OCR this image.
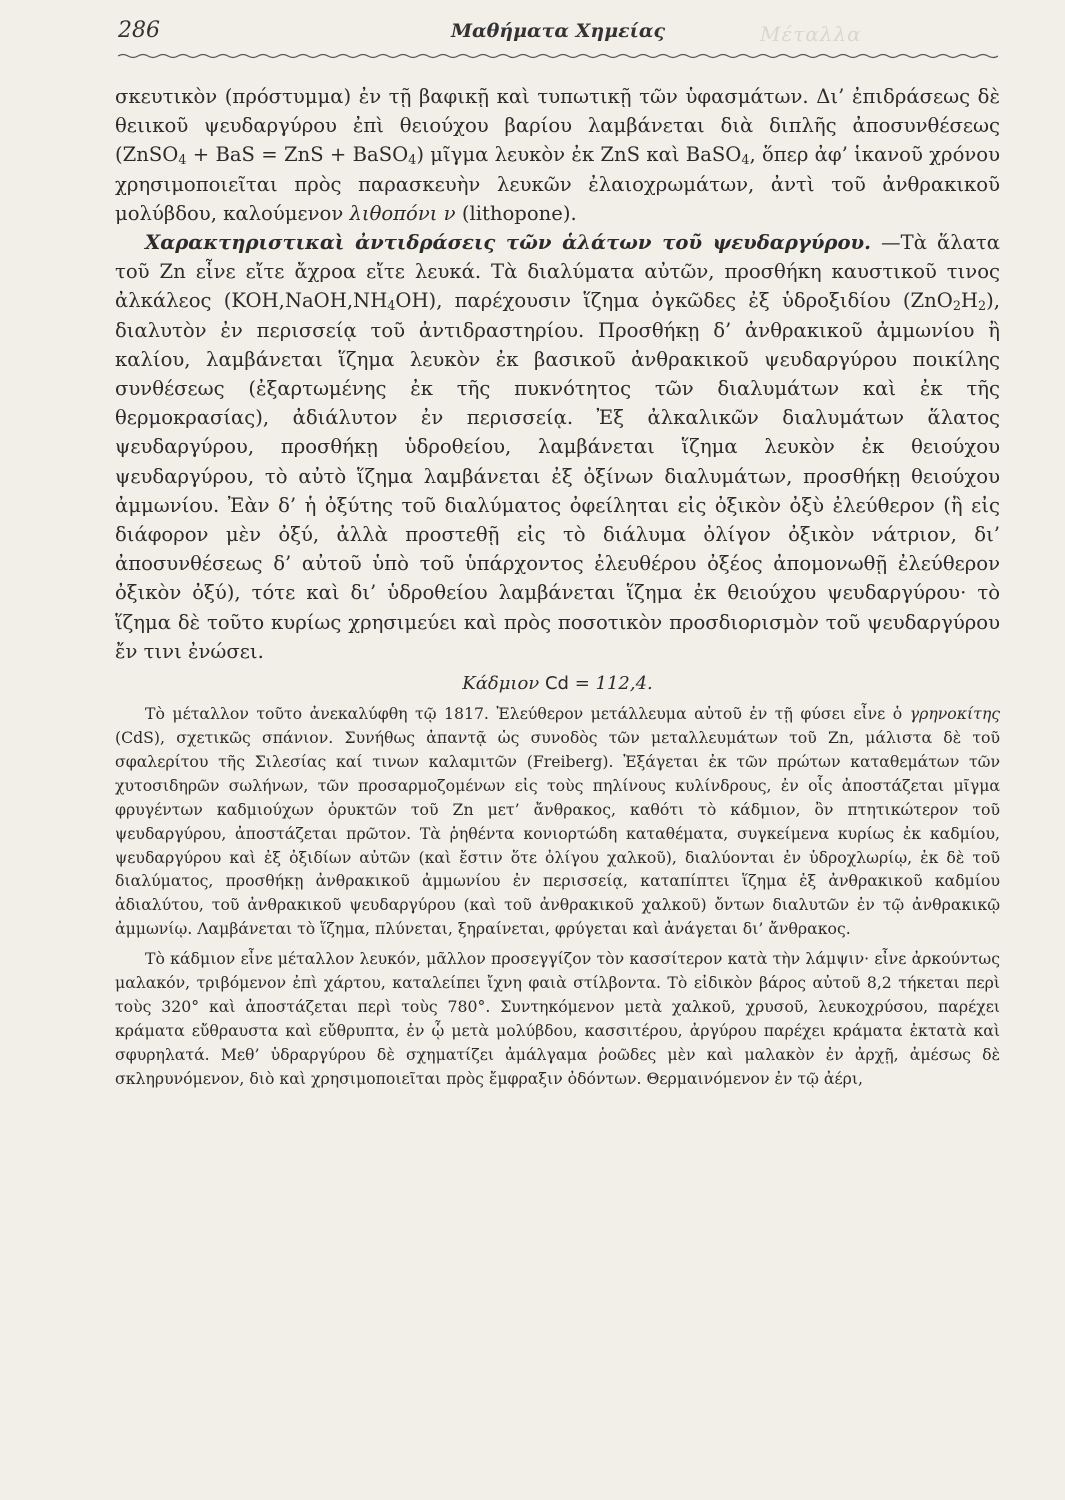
Μέταλλα
286	Μαθήματα Χημείας

σκευτικὸν (πρόστυμμα) ἐν τῇ βαφικῇ καὶ τυπωτικῇ τῶν ὑφασμάτων. Δι’ ἐπιδράσεως δὲ θειικοῦ ψευδαργύρου ἐπὶ θειούχου βαρίου λαμβάνεται διὰ διπλῆς ἀποσυνθέσεως (ZnSO$_4$ + BaS = ZnS + BaSO$_4$) μῖγμα λευκὸν ἐκ ZnS καὶ BaSO$_4$, ὅπερ ἀφ’ ἱκανοῦ χρόνου χρησιμοποιεῖται πρὸς παρασκευὴν λευκῶν ἐλαιοχρωμάτων, ἀντὶ τοῦ ἀνθρακικοῦ μολύβδου, καλούμενον λιθοπόνι ν (lithopone).

Χαρακτηριστικαὶ ἀντιδράσεις τῶν ἁλάτων τοῦ ψευδαργύρου. —Τὰ ἅλατα τοῦ Zn εἶνε εἴτε ἄχροα εἴτε λευκά. Τὰ διαλύματα αὐτῶν, προσθήκη καυστικοῦ τινος ἀλκάλεος $(KOH,NaOH,NH_4OH)$, παρέχουσιν ἵζημα ὀγκῶδες ἐξ ὑδροξιδίου $(ZnO_2H_2)$, διαλυτὸν ἐν περισσείᾳ τοῦ ἀντιδραστηρίου. Προσθήκῃ δ’ ἀνθρακικοῦ ἀμμωνίου ἢ καλίου, λαμβάνεται ἵζημα λευκὸν ἐκ βασικοῦ ἀνθρακικοῦ ψευδαργύρου ποικίλης συνθέσεως (ἐξαρτωμένης ἐκ τῆς πυκνότητος τῶν διαλυμάτων καὶ ἐκ τῆς θερμοκρασίας), ἀδιάλυτον ἐν περισσείᾳ. Ἐξ ἀλκαλικῶν διαλυμάτων ἅλατος ψευδαργύρου, προσθήκῃ ὑδροθείου, λαμβάνεται ἵζημα λευκὸν ἐκ θειούχου ψευδαργύρου, τὸ αὐτὸ ἵζημα λαμβάνεται ἐξ ὀξίνων διαλυμάτων, προσθήκῃ θειούχου ἀμμωνίου. Ἐὰν δ’ ἡ ὀξύτης τοῦ διαλύματος ὀφείληται εἰς ὀξικὸν ὀξὺ ἐλεύθερον (ἢ εἰς διάφορον μὲν ὀξύ, ἀλλὰ προστεθῇ εἰς τὸ διάλυμα ὀλίγον ὀξικὸν νάτριον, δι’ ἀποσυνθέσεως δ’ αὐτοῦ ὑπὸ τοῦ ὑπάρχοντος ἐλευθέρου ὀξέος ἀπομονωθῇ ἐλεύθερον ὀξικὸν ὀξύ), τότε καὶ δι’ ὑδροθείου λαμβάνεται ἵζημα ἐκ θειούχου ψευδαργύρου· τὸ ἵζημα δὲ τοῦτο κυρίως χρησιμεύει καὶ πρὸς ποσοτικὸν προσδιορισμὸν τοῦ ψευδαργύρου ἔν τινι ἐνώσει.

Κάδμιον Cd = 112,4.

Τὸ μέταλλον τοῦτο ἀνεκαλύφθη τῷ 1817. Ἐλεύθερον μετάλλευμα αὐτοῦ ἐν τῇ φύσει εἶνε ὁ γρηνοκίτης (CdS), σχετικῶς σπάνιον. Συνήθως ἀπαντᾷ ὡς συνοδὸς τῶν μεταλλευμάτων τοῦ Zn, μάλιστα δὲ τοῦ σφαλερίτου τῆς Σιλεσίας καί τινων καλαμιτῶν (Freiberg). Ἐξάγεται ἐκ τῶν πρώτων καταθεμάτων τῶν χυτοσιδηρῶν σωλήνων, τῶν προσαρμοζομένων εἰς τοὺς πηλίνους κυλίνδρους, ἐν οἷς ἀποστάζεται μῖγμα φρυγέντων καδμιούχων ὀρυκτῶν τοῦ Zn μετ’ ἄνθρακος, καθότι τὸ κάδμιον, ὂν πτητικώτερον τοῦ ψευδαργύρου, ἀποστάζεται πρῶτον. Τὰ ῥηθέντα κονιορτώδη καταθέματα, συγκείμενα κυρίως ἐκ καδμίου, ψευδαργύρου καὶ ἐξ ὀξιδίων αὐτῶν (καὶ ἔστιν ὅτε ὀλίγου χαλκοῦ), διαλύονται ἐν ὑδροχλωρίῳ, ἐκ δὲ τοῦ διαλύματος, προσθήκῃ ἀνθρακικοῦ ἀμμωνίου ἐν περισσείᾳ, καταπίπτει ἵζημα ἐξ ἀνθρακικοῦ καδμίου ἀδιαλύτου, τοῦ ἀνθρακικοῦ ψευδαργύρου (καὶ τοῦ ἀνθρακικοῦ χαλκοῦ) ὄντων διαλυτῶν ἐν τῷ ἀνθρακικῷ ἀμμωνίῳ. Λαμβάνεται τὸ ἵζημα, πλύνεται, ξηραίνεται, φρύγεται καὶ ἀνάγεται δι’ ἄνθρακος.

Τὸ κάδμιον εἶνε μέταλλον λευκόν, μᾶλλον προσεγγίζον τὸν κασσίτερον κατὰ τὴν λάμψιν· εἶνε ἀρκούντως μαλακόν, τριβόμενον ἐπὶ χάρτου, καταλείπει ἴχνη φαιὰ στίλβοντα. Τὸ εἰδικὸν βάρος αὐτοῦ 8,2 τήκεται περὶ τοὺς 320° καὶ ἀποστάζεται περὶ τοὺς 780°. Συντηκόμενον μετὰ χαλκοῦ, χρυσοῦ, λευκοχρύσου, παρέχει κράματα εὔθραυστα καὶ εὔθρυπτα, ἐν ᾧ μετὰ μολύβδου, κασσιτέρου, ἀργύρου παρέχει κράματα ἐκτατὰ καὶ σφυρηλατά. Μεθ’ ὑδραργύρου δὲ σχηματίζει ἀμάλγαμα ῥοῶδες μὲν καὶ μαλακὸν ἐν ἀρχῇ, ἀμέσως δὲ σκληρυνόμενον, διὸ καὶ χρησιμοποιεῖται πρὸς ἔμφραξιν ὀδόντων. Θερμαινόμενον ἐν τῷ ἀέρι,
